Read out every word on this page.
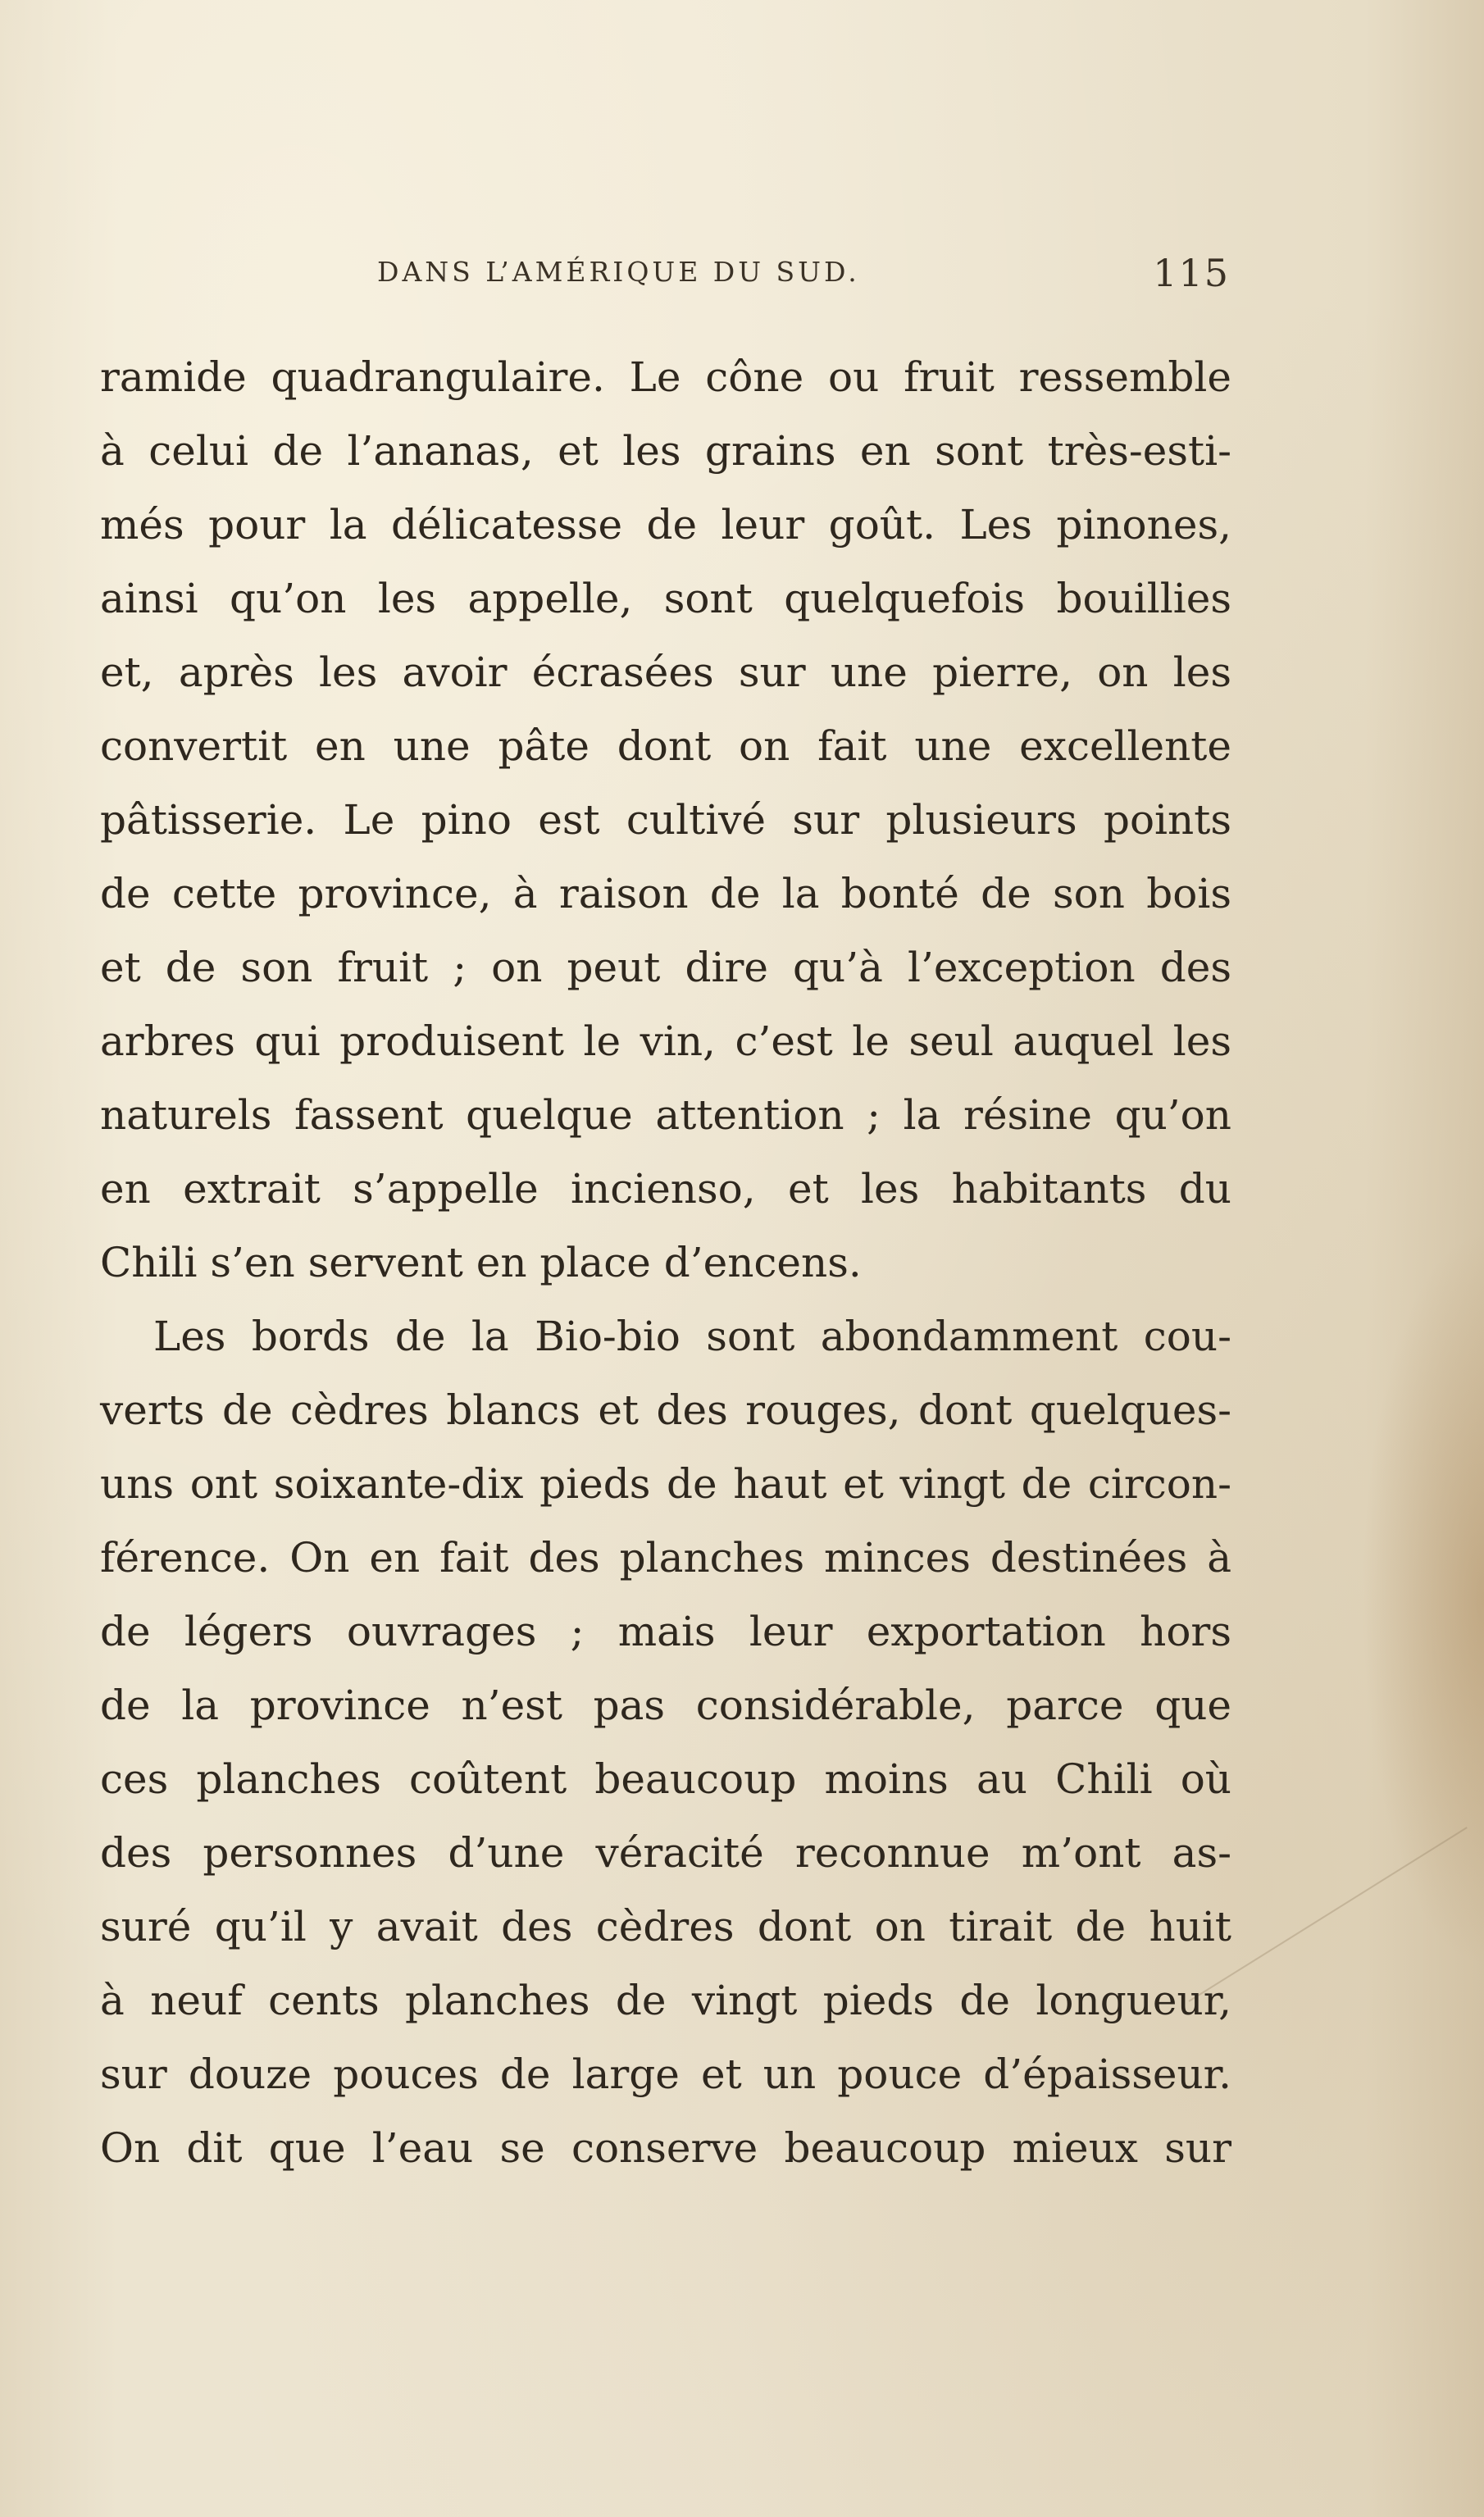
DANS L’AMÉRIQUE DU SUD.	115
ramide quadrangulaire. Le cône ou fruit ressemble
à celui de l’ananas, et les grains en sont très-esti-
més pour la délicatesse de leur goût. Les pinones,
ainsi qu’on les appelle, sont quelquefois bouillies
et, après les avoir écrasées sur une pierre, on les
convertit en une pâte dont on fait une excellente
pâtisserie. Le pino est cultivé sur plusieurs points
de cette province, à raison de la bonté de son bois
et de son fruit ; on peut dire qu’à l’exception des
arbres qui produisent le vin, c’est le seul auquel les
naturels fassent quelque attention ; la résine qu’on
en extrait s’appelle inciensо, et les habitants du
Chili s’en servent en place d’encens.
Les bords de la Bio-bio sont abondamment cou-
verts de cèdres blancs et des rouges, dont quelques-
uns ont soixante-dix pieds de haut et vingt de circon-
férence. On en fait des planches minces destinées à
de légers ouvrages ; mais leur exportation hors
de la province n’est pas considérable, parce que
ces planches coûtent beaucoup moins au Chili où
des personnes d’une véracité reconnue m’ont as-
suré qu’il y avait des cèdres dont on tirait de huit
à neuf cents planches de vingt pieds de longueur,
sur douze pouces de large et un pouce d’épaisseur.
On dit que l’eau se conserve beaucoup mieux sur
